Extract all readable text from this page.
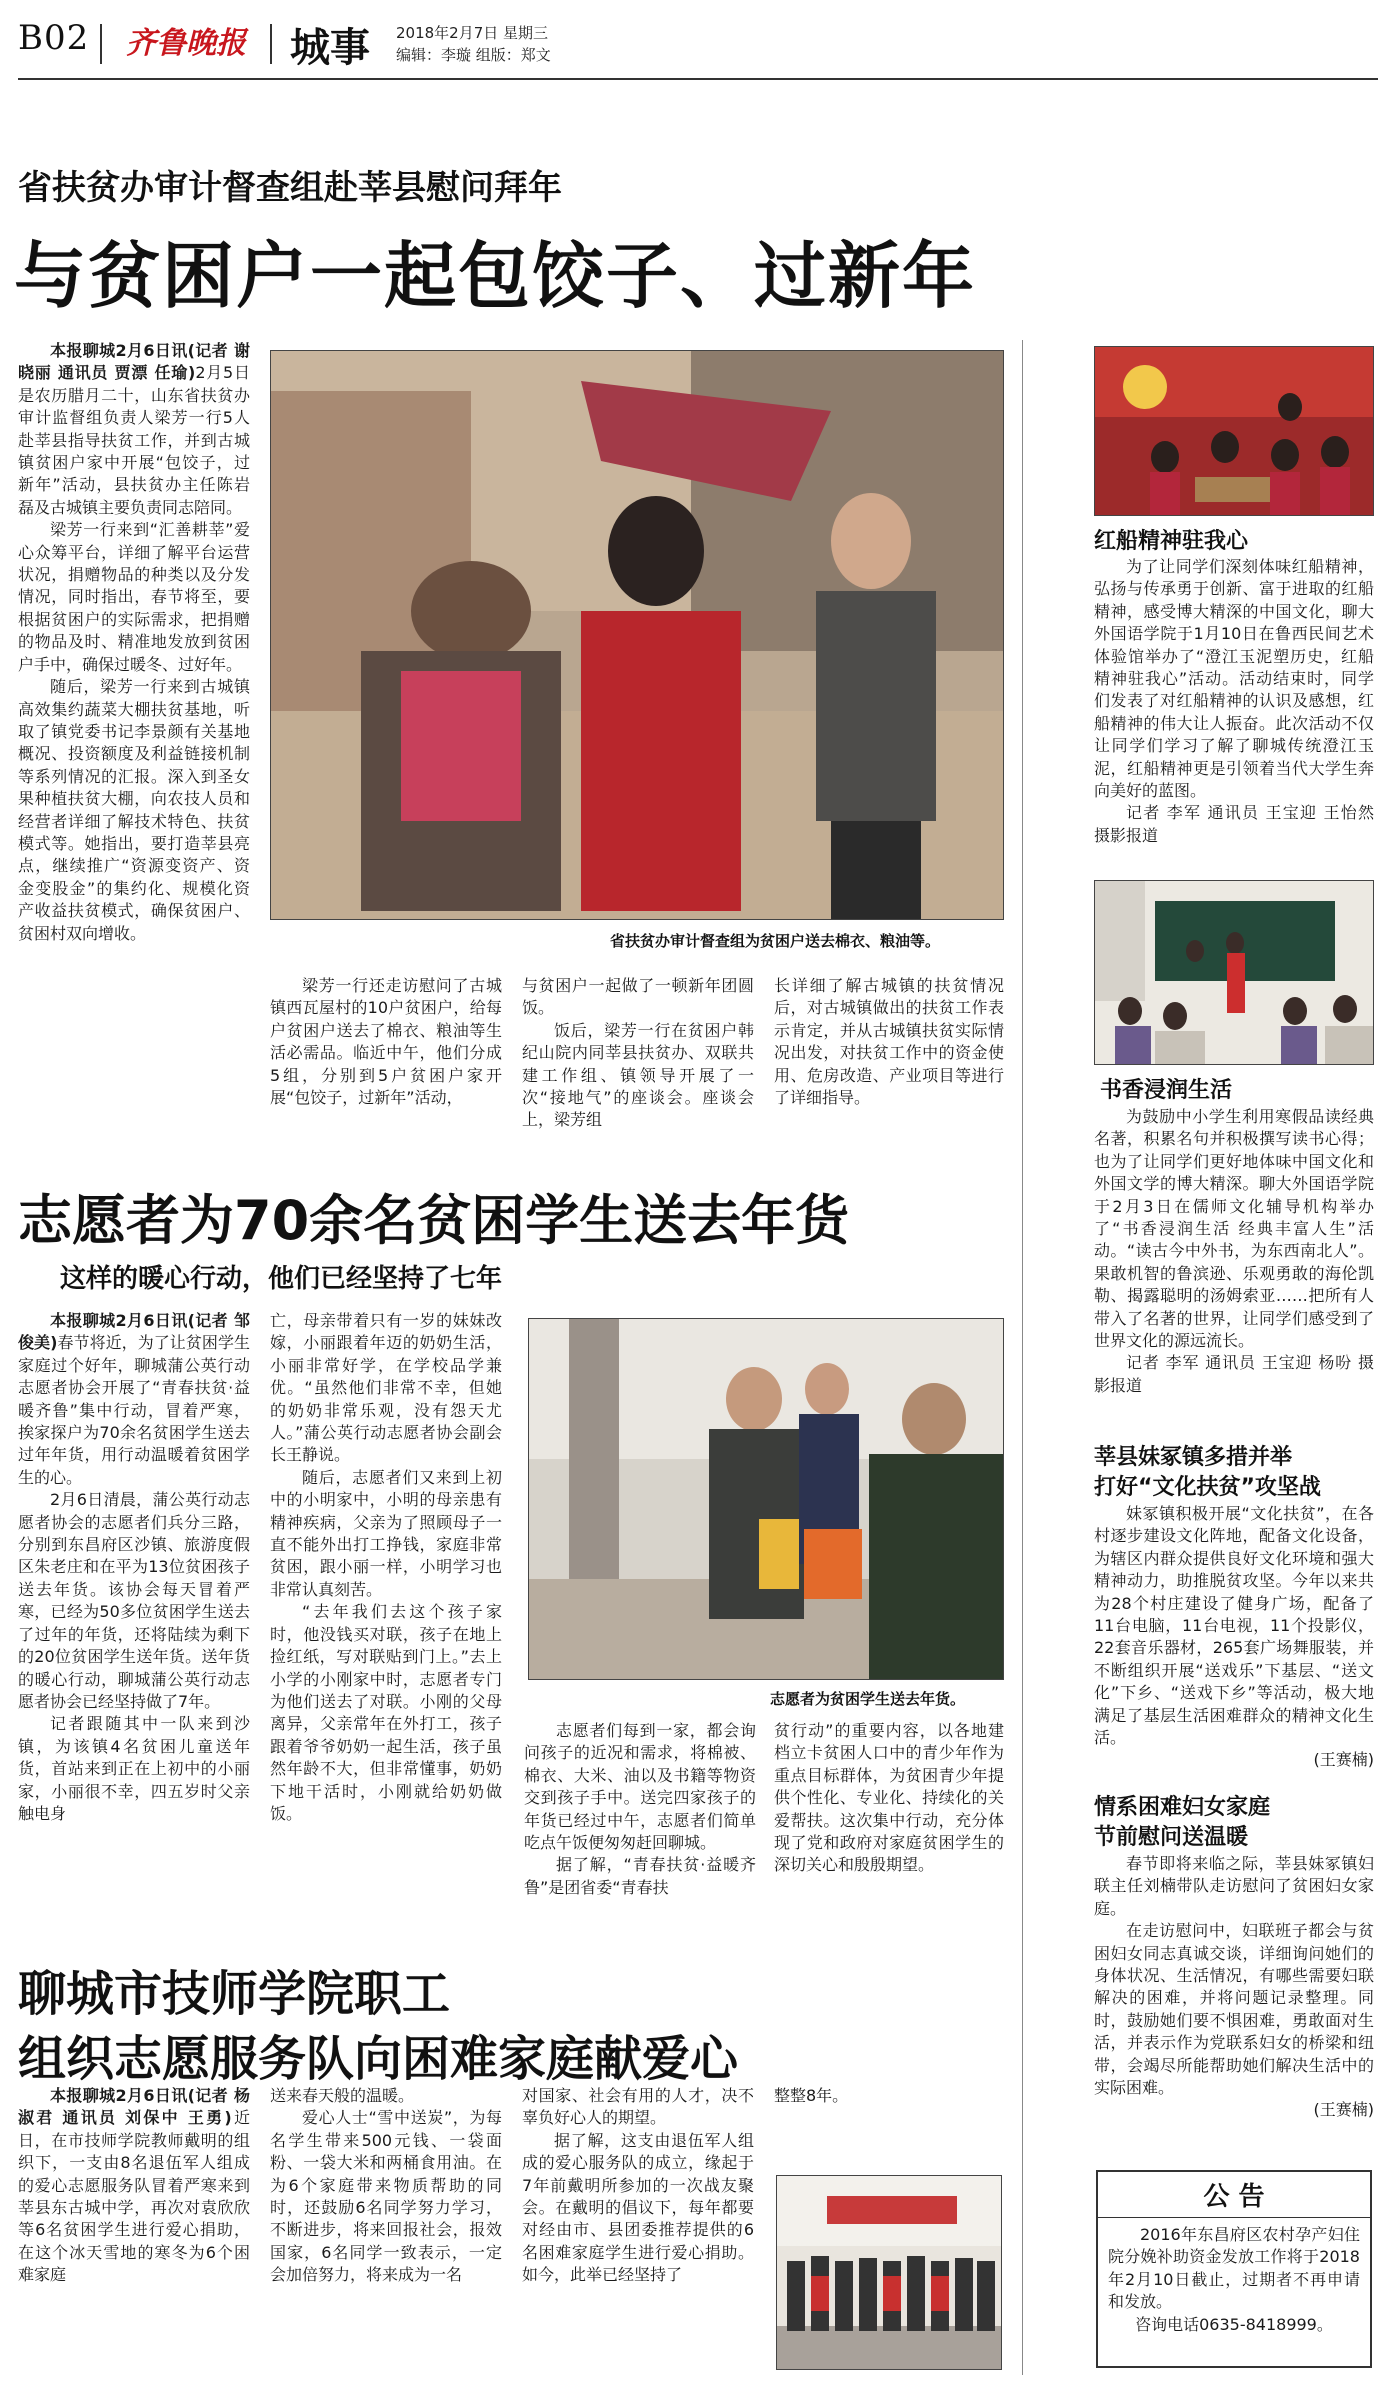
B02 齐鲁晚报 城事 2018年2月7日 星期三
编辑：李璇 组版：郑文
省扶贫办审计督查组赴莘县慰问拜年
与贫困户一起包饺子、过新年

本报聊城2月6日讯(记者 谢晓丽 通讯员 贾漂 任瑜)2月5日是农历腊月二十，山东省扶贫办审计监督组负责人梁芳一行5人赴莘县指导扶贫工作，并到古城镇贫困户家中开展“包饺子，过新年”活动，县扶贫办主任陈岩磊及古城镇主要负责同志陪同。

梁芳一行来到“汇善耕莘”爱心众筹平台，详细了解平台运营状况，捐赠物品的种类以及分发情况，同时指出，春节将至，要根据贫困户的实际需求，把捐赠的物品及时、精准地发放到贫困户手中，确保过暖冬、过好年。

随后，梁芳一行来到古城镇高效集约蔬菜大棚扶贫基地，听取了镇党委书记李景颜有关基地概况、投资额度及利益链接机制等系列情况的汇报。深入到圣女果种植扶贫大棚，向农技人员和经营者详细了解技术特色、扶贫模式等。她指出，要打造莘县亮点，继续推广“资源变资产、资金变股金”的集约化、规模化资产收益扶贫模式，确保贫困户、贫困村双向增收。	省扶贫办审计督查组为贫困户送去棉衣、粮油等。

梁芳一行还走访慰问了古城镇西瓦屋村的10户贫困户，给每户贫困户送去了棉衣、粮油等生活必需品。临近中午，他们分成5组，分别到5户贫困户家开展“包饺子，过新年”活动，

与贫困户一起做了一顿新年团圆饭。

饭后，梁芳一行在贫困户韩纪山院内同莘县扶贫办、双联共建工作组、镇领导开展了一次“接地气”的座谈会。座谈会上，梁芳组

长详细了解古城镇的扶贫情况后，对古城镇做出的扶贫工作表示肯定，并从古城镇扶贫实际情况出发，对扶贫工作中的资金使用、危房改造、产业项目等进行了详细指导。

志愿者为70余名贫困学生送去年货
这样的暖心行动，他们已经坚持了七年

本报聊城2月6日讯(记者 邹俊美)春节将近，为了让贫困学生家庭过个好年，聊城蒲公英行动志愿者协会开展了“青春扶贫·益暖齐鲁”集中行动，冒着严寒，挨家探户为70余名贫困学生送去过年年货，用行动温暖着贫困学生的心。

2月6日清晨，蒲公英行动志愿者协会的志愿者们兵分三路，分别到东昌府区沙镇、旅游度假区朱老庄和在平为13位贫困孩子送去年货。该协会每天冒着严寒，已经为50多位贫困学生送去了过年的年货，还将陆续为剩下的20位贫困学生送年货。送年货的暖心行动，聊城蒲公英行动志愿者协会已经坚持做了7年。

记者跟随其中一队来到沙镇，为该镇4名贫困儿童送年货，首站来到正在上初中的小丽家，小丽很不幸，四五岁时父亲触电身

亡，母亲带着只有一岁的妹妹改嫁，小丽跟着年迈的奶奶生活，小丽非常好学，在学校品学兼优。“虽然他们非常不幸，但她的奶奶非常乐观，没有怨天尤人。”蒲公英行动志愿者协会副会长王静说。

随后，志愿者们又来到上初中的小明家中，小明的母亲患有精神疾病，父亲为了照顾母子一直不能外出打工挣钱，家庭非常贫困，跟小丽一样，小明学习也非常认真刻苦。

“去年我们去这个孩子家时，他没钱买对联，孩子在地上捡红纸，写对联贴到门上。”去上小学的小刚家中时，志愿者专门为他们送去了对联。小刚的父母离异，父亲常年在外打工，孩子跟着爷爷奶奶一起生活，孩子虽然年龄不大，但非常懂事，奶奶下地干活时，小刚就给奶奶做饭。

志愿者为贫困学生送去年货。

志愿者们每到一家，都会询问孩子的近况和需求，将棉被、棉衣、大米、油以及书籍等物资交到孩子手中。送完四家孩子的年货已经过中午，志愿者们简单吃点午饭便匆匆赶回聊城。

据了解，“青春扶贫·益暖齐鲁”是团省委“青春扶

贫行动”的重要内容，以各地建档立卡贫困人口中的青少年作为重点目标群体，为贫困青少年提供个性化、专业化、持续化的关爱帮扶。这次集中行动，充分体现了党和政府对家庭贫困学生的深切关心和殷殷期望。

聊城市技师学院职工
组织志愿服务队向困难家庭献爱心

本报聊城2月6日讯(记者 杨淑君 通讯员 刘保中 王勇)近日，在市技师学院教师戴明的组织下，一支由8名退伍军人组成的爱心志愿服务队冒着严寒来到莘县东古城中学，再次对袁欣欣等6名贫困学生进行爱心捐助，在这个冰天雪地的寒冬为6个困难家庭

送来春天般的温暖。

爱心人士“雪中送炭”，为每名学生带来500元钱、一袋面粉、一袋大米和两桶食用油。在为6个家庭带来物质帮助的同时，还鼓励6名同学努力学习，不断进步，将来回报社会，报效国家，6名同学一致表示，一定会加倍努力，将来成为一名

对国家、社会有用的人才，决不辜负好心人的期望。

据了解，这支由退伍军人组成的爱心服务队的成立，缘起于7年前戴明所参加的一次战友聚会。在戴明的倡议下，每年都要对经由市、县团委推荐提供的6名困难家庭学生进行爱心捐助。如今，此举已经坚持了

整整8年。

红船精神驻我心

为了让同学们深刻体味红船精神，弘扬与传承勇于创新、富于进取的红船精神，感受博大精深的中国文化，聊大外国语学院于1月10日在鲁西民间艺术体验馆举办了“澄江玉泥塑历史，红船精神驻我心”活动。活动结束时，同学们发表了对红船精神的认识及感想，红船精神的伟大让人振奋。此次活动不仅让同学们学习了解了聊城传统澄江玉泥，红船精神更是引领着当代大学生奔向美好的蓝图。

记者 李军 通讯员 王宝迎 王怡然 摄影报道

书香浸润生活

为鼓励中小学生利用寒假品读经典名著，积累名句并积极撰写读书心得；也为了让同学们更好地体味中国文化和外国文学的博大精深。聊大外国语学院于2月3日在儒师文化辅导机构举办了“书香浸润生活 经典丰富人生”活动。“读古今中外书，为东西南北人”。果敢机智的鲁滨逊、乐观勇敢的海伦凯勒、揭露聪明的汤姆索亚……把所有人带入了名著的世界，让同学们感受到了世界文化的源远流长。

记者 李军 通讯员 王宝迎 杨吩 摄影报道

莘县妹冢镇多措并举
打好“文化扶贫”攻坚战

妹冢镇积极开展“文化扶贫”，在各村逐步建设文化阵地，配备文化设备，为辖区内群众提供良好文化环境和强大精神动力，助推脱贫攻坚。今年以来共为28个村庄建设了健身广场，配备了11台电脑，11台电视，11个投影仪，22套音乐器材，265套广场舞服装，并不断组织开展“送戏乐”下基层、“送文化”下乡、“送戏下乡”等活动，极大地满足了基层生活困难群众的精神文化生活。

(王赛楠)

情系困难妇女家庭
节前慰问送温暖

春节即将来临之际，莘县妹冢镇妇联主任刘楠带队走访慰问了贫困妇女家庭。

在走访慰问中，妇联班子都会与贫困妇女同志真诚交谈，详细询问她们的身体状况、生活情况，有哪些需要妇联解决的困难，并将问题记录整理。同时，鼓励她们要不惧困难，勇敢面对生活，并表示作为党联系妇女的桥梁和纽带，会竭尽所能帮助她们解决生活中的实际困难。

(王赛楠)

公 告

2016年东昌府区农村孕产妇住院分娩补助资金发放工作将于2018年2月10日截止，过期者不再申请和发放。

咨询电话0635-8418999。
